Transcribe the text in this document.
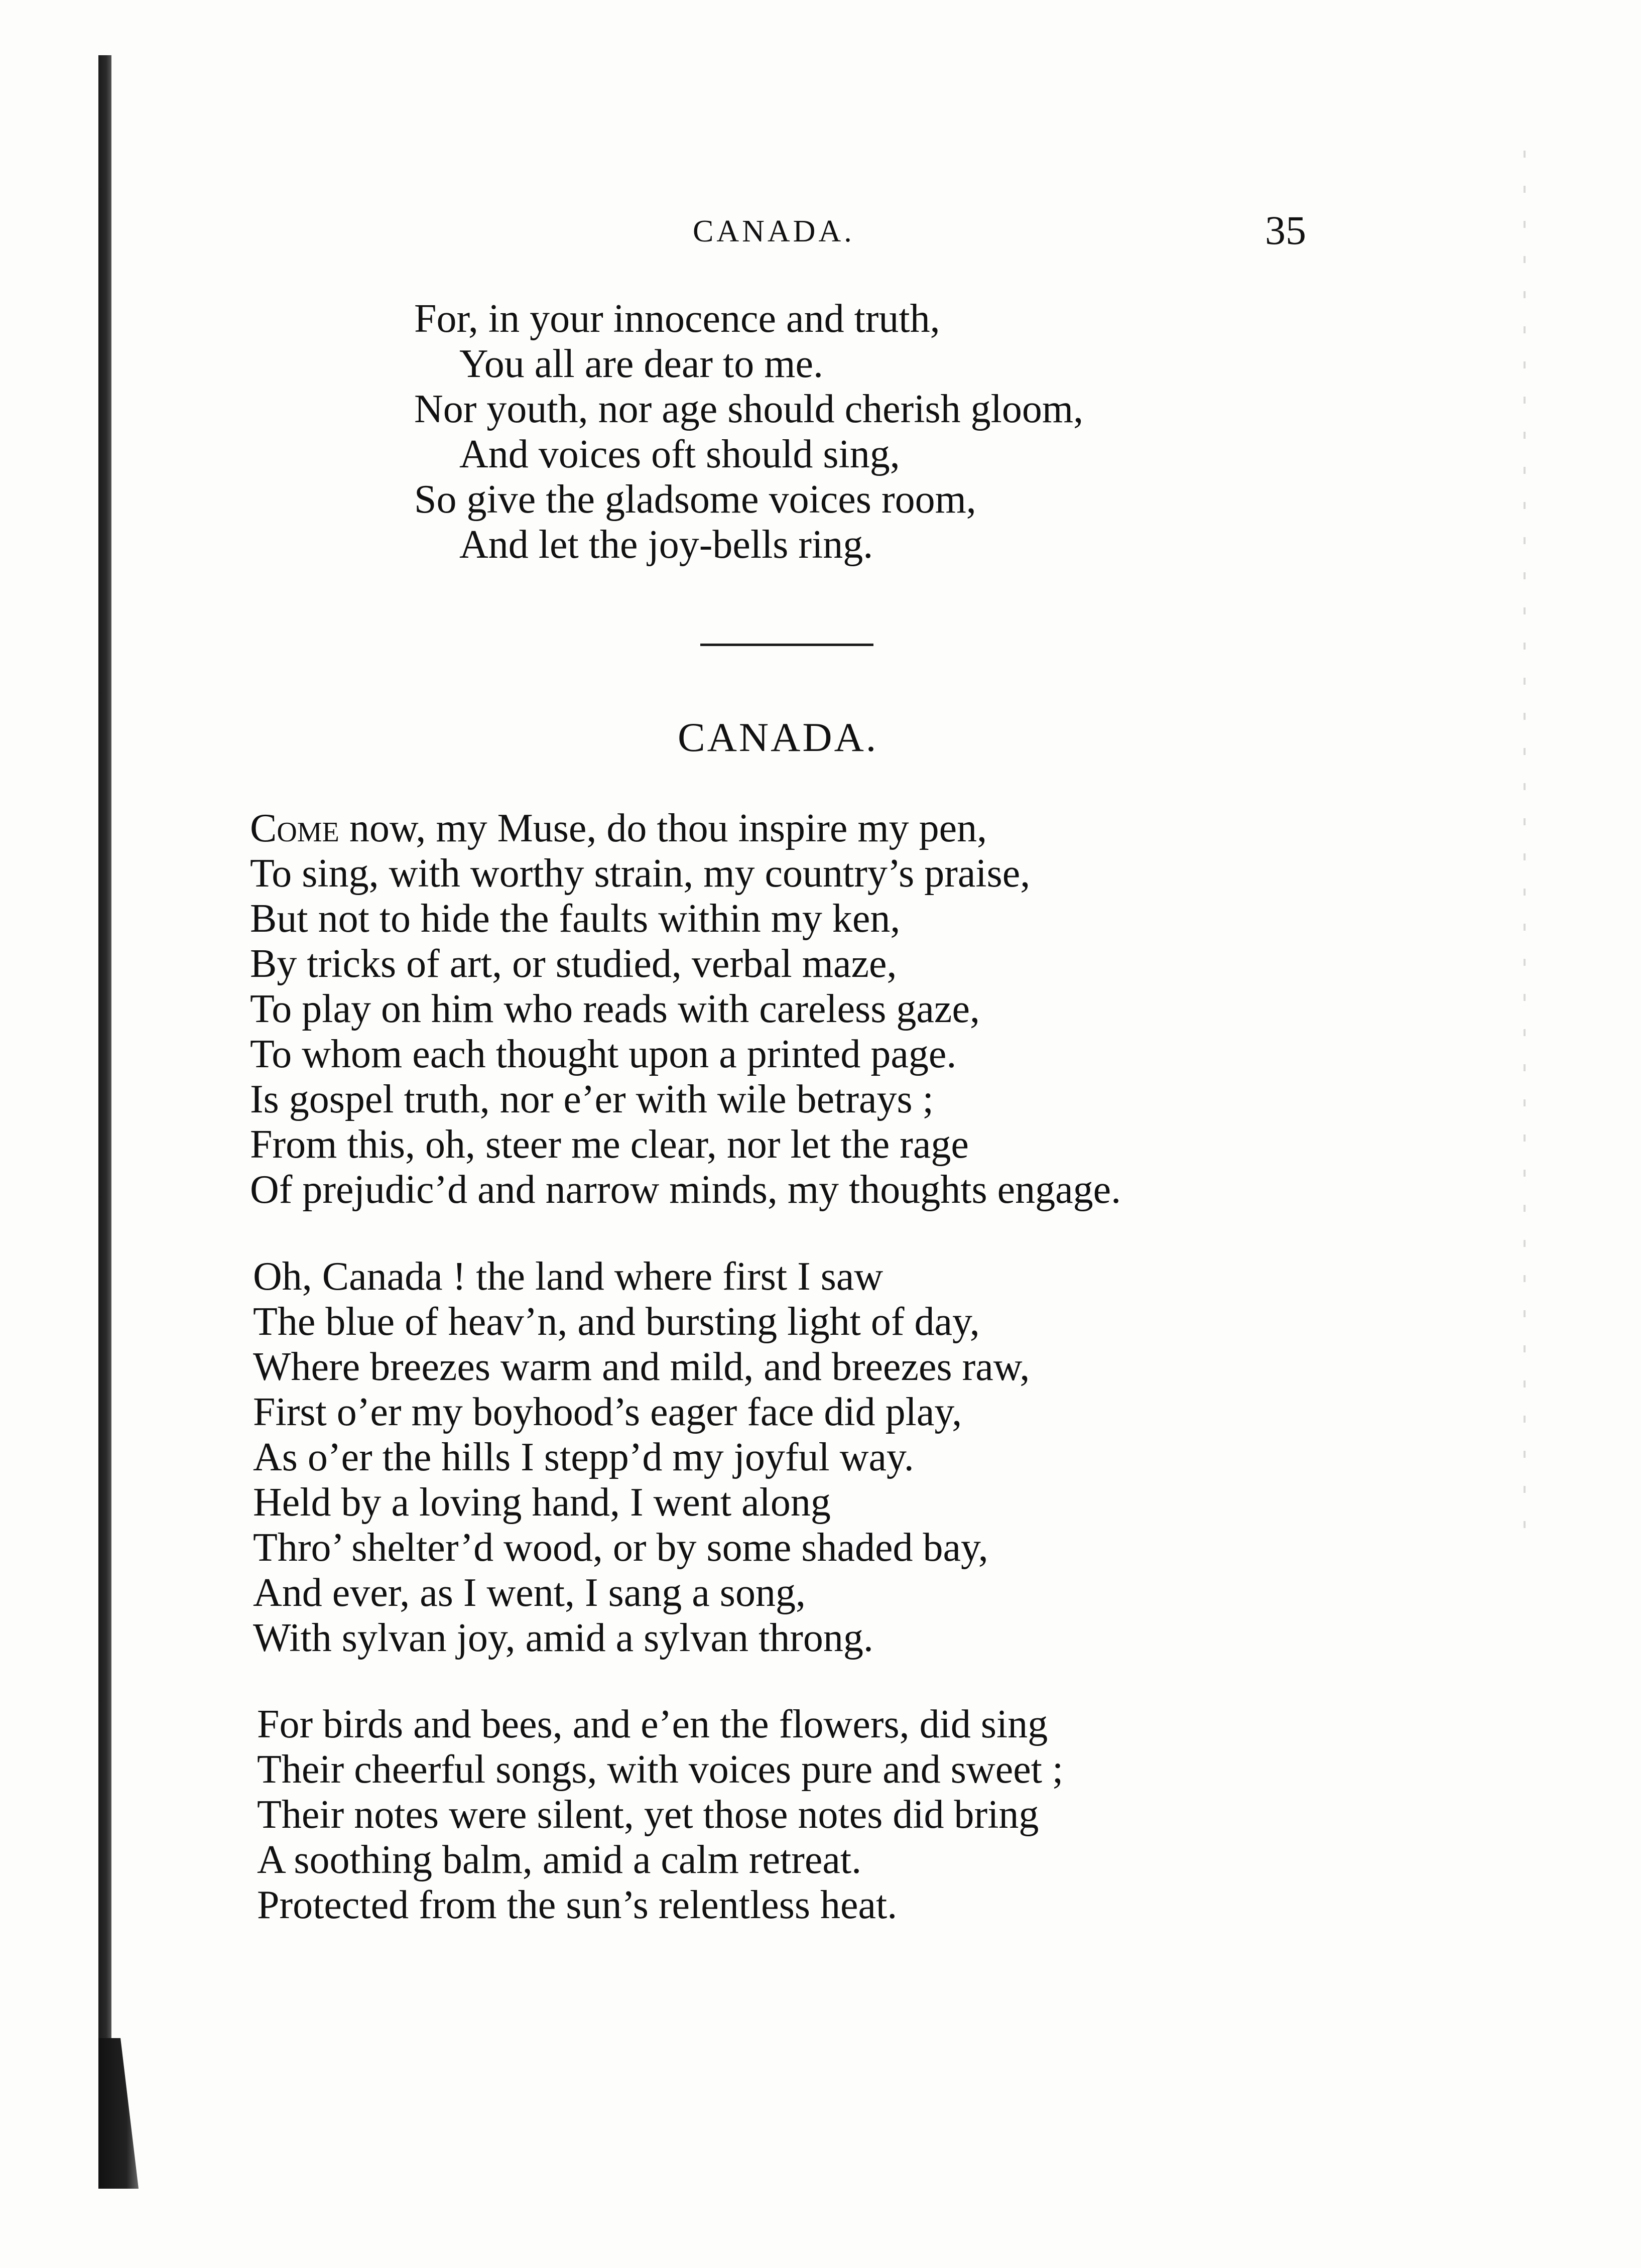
CANADA.	35
For, in your innocence and truth,
You all are dear to me.
Nor youth, nor age should cherish gloom,
And voices oft should sing,
So give the gladsome voices room,
And let the joy-bells ring.
CANADA.
Come now, my Muse, do thou inspire my pen,
To sing, with worthy strain, my country’s praise,
But not to hide the faults within my ken,
By tricks of art, or studied, verbal maze,
To play on him who reads with careless gaze,
To whom each thought upon a printed page.
Is gospel truth, nor e’er with wile betrays ;
From this, oh, steer me clear, nor let the rage
Of prejudic’d and narrow minds, my thoughts engage.
Oh, Canada ! the land where first I saw
The blue of heav’n, and bursting light of day,
Where breezes warm and mild, and breezes raw,
First o’er my boyhood’s eager face did play,
As o’er the hills I stepp’d my joyful way.
Held by a loving hand, I went along
Thro’ shelter’d wood, or by some shaded bay,
And ever, as I went, I sang a song,
With sylvan joy, amid a sylvan throng.
For birds and bees, and e’en the flowers, did sing
Their cheerful songs, with voices pure and sweet ;
Their notes were silent, yet those notes did bring
A soothing balm, amid a calm retreat.
Protected from the sun’s relentless heat.
